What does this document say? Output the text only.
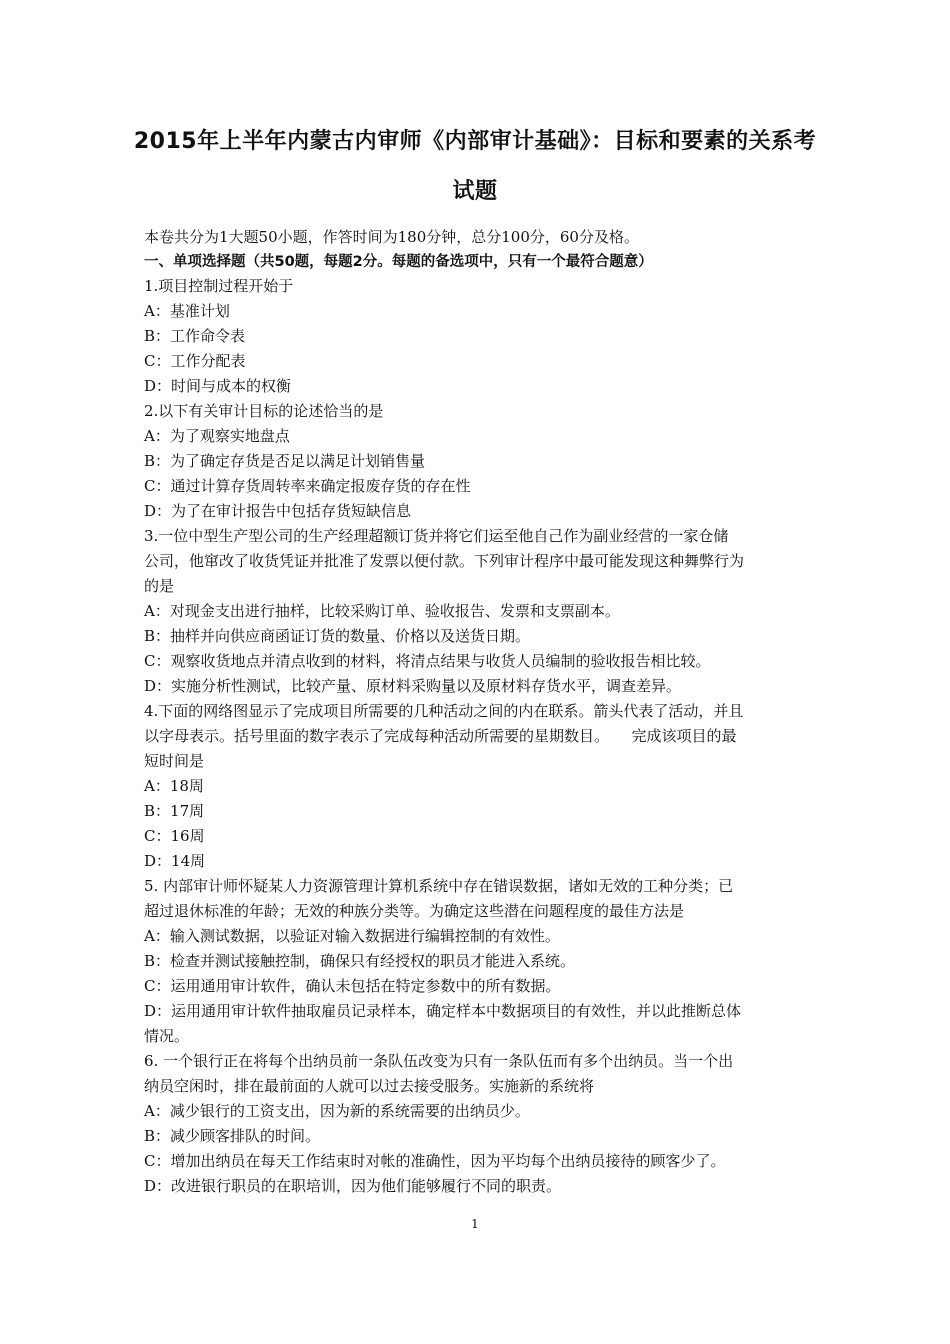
2015年上半年内蒙古内审师《内部审计基础》：目标和要素的关系考
试题
本卷共分为1大题50小题，作答时间为180分钟，总分100分，60分及格。
一、单项选择题（共50题，每题2分。每题的备选项中，只有一个最符合题意）
1.项目控制过程开始于
A：基准计划
B：工作命令表
C：工作分配表
D：时间与成本的权衡
2.以下有关审计目标的论述恰当的是
A：为了观察实地盘点
B：为了确定存货是否足以满足计划销售量
C：通过计算存货周转率来确定报废存货的存在性
D：为了在审计报告中包括存货短缺信息
3.一位中型生产型公司的生产经理超额订货并将它们运至他自己作为副业经营的一家仓储
公司，他窜改了收货凭证并批准了发票以便付款。下列审计程序中最可能发现这种舞弊行为
的是
A：对现金支出进行抽样，比较采购订单、验收报告、发票和支票副本。
B：抽样并向供应商函证订货的数量、价格以及送货日期。
C：观察收货地点并清点收到的材料，将清点结果与收货人员编制的验收报告相比较。
D：实施分析性测试，比较产量、原材料采购量以及原材料存货水平，调查差异。
4.下面的网络图显示了完成项目所需要的几种活动之间的内在联系。箭头代表了活动，并且
以字母表示。括号里面的数字表示了完成每种活动所需要的星期数目。　　完成该项目的最
短时间是
A：18周
B：17周
C：16周
D：14周
5. 内部审计师怀疑某人力资源管理计算机系统中存在错误数据，诸如无效的工种分类；已
超过退休标准的年龄；无效的种族分类等。为确定这些潜在问题程度的最佳方法是
A：输入测试数据，以验证对输入数据进行编辑控制的有效性。
B：检查并测试接触控制，确保只有经授权的职员才能进入系统。
C：运用通用审计软件，确认未包括在特定参数中的所有数据。
D：运用通用审计软件抽取雇员记录样本，确定样本中数据项目的有效性，并以此推断总体
情况。
6. 一个银行正在将每个出纳员前一条队伍改变为只有一条队伍而有多个出纳员。当一个出
纳员空闲时，排在最前面的人就可以过去接受服务。实施新的系统将
A：减少银行的工资支出，因为新的系统需要的出纳员少。
B：减少顾客排队的时间。
C：增加出纳员在每天工作结束时对帐的准确性，因为平均每个出纳员接待的顾客少了。
D：改进银行职员的在职培训，因为他们能够履行不同的职责。
1
